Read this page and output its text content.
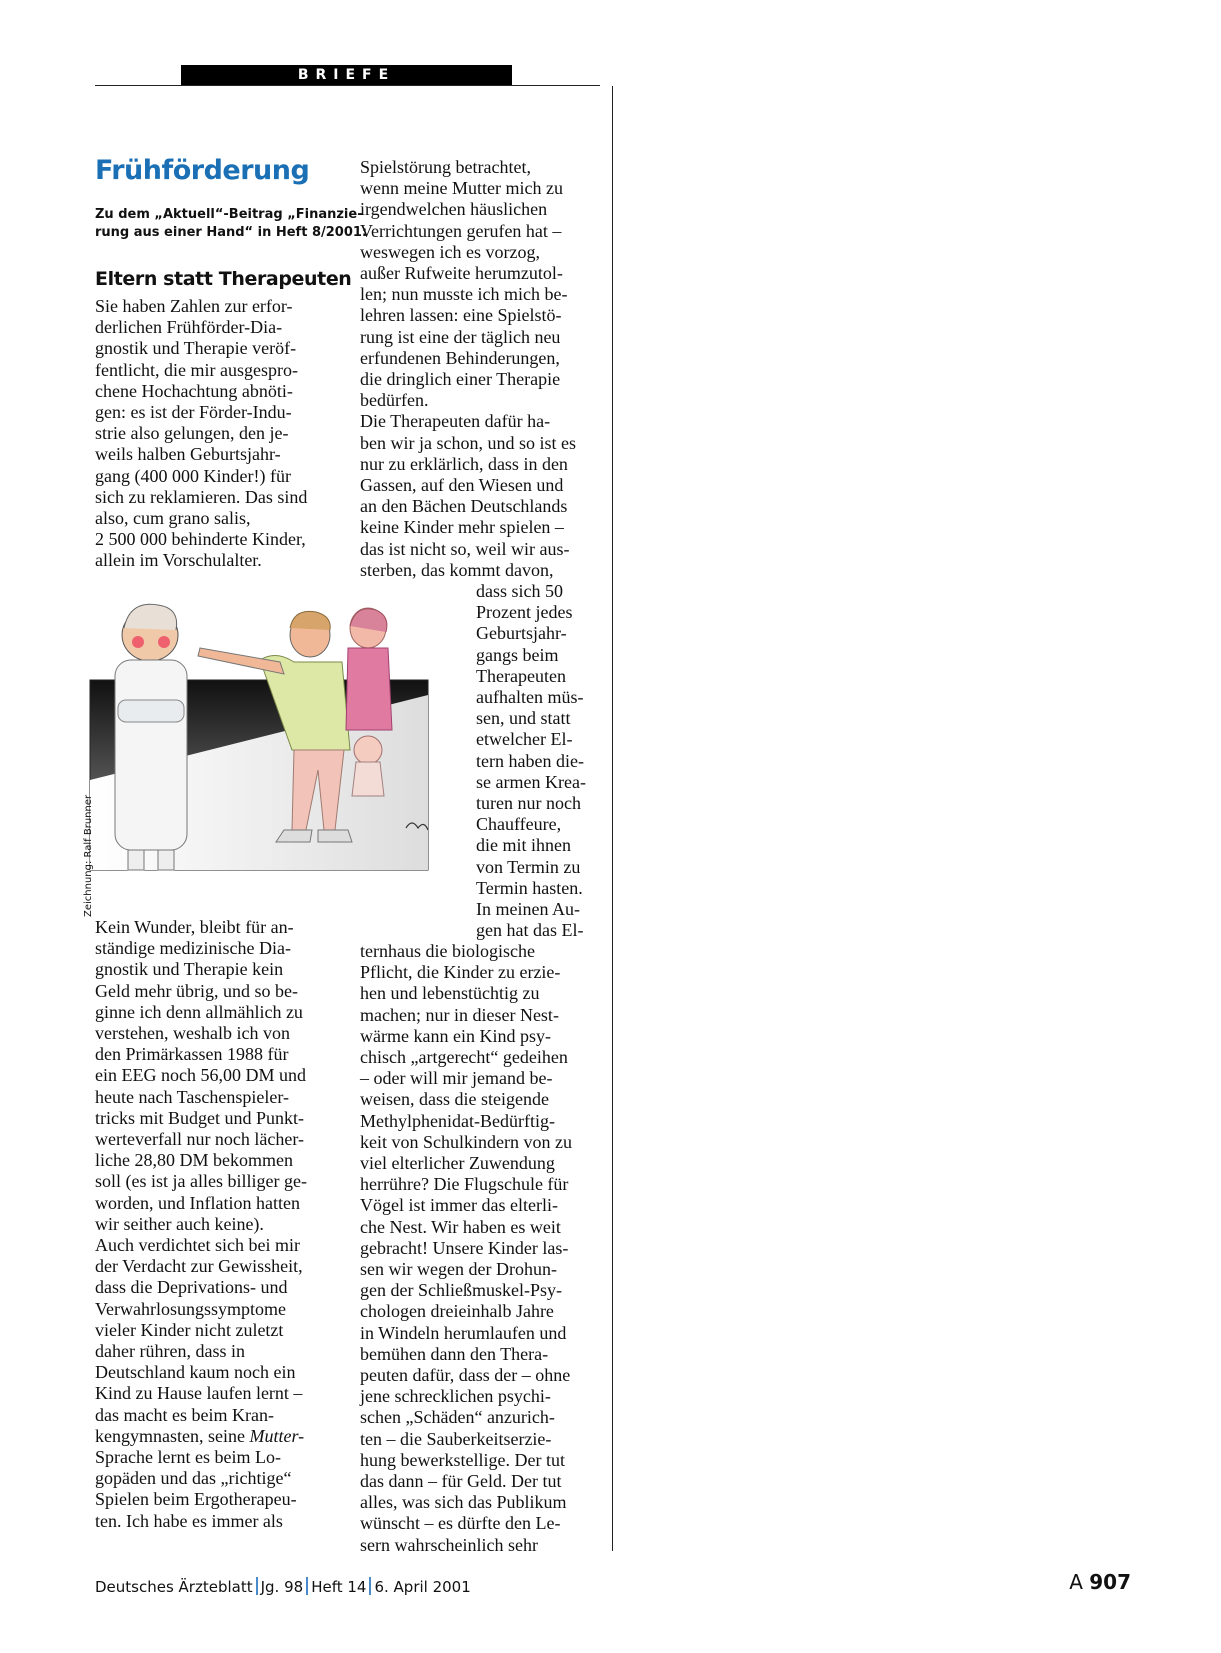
BRIEFE
Frühförderung

Zu dem „Aktuell“-Beitrag „Finanzie-
rung aus einer Hand“ in Heft 8/2001:

Eltern statt Therapeuten
Sie haben Zahlen zur erfor-
derlichen Frühförder-Dia-
gnostik und Therapie veröf-
fentlicht, die mir ausgespro-
chene Hochachtung abnöti-
gen: es ist der Förder-Indu-
strie also gelungen, den je-
weils halben Geburtsjahr-
gang (400 000 Kinder!) für
sich zu reklamieren. Das sind
also, cum grano salis,
2 500 000 behinderte Kinder,
allein im Vorschulalter.
Zeichnung: Ralf Brunner
Kein Wunder, bleibt für an-
ständige medizinische Dia-
gnostik und Therapie kein
Geld mehr übrig, und so be-
ginne ich denn allmählich zu
verstehen, weshalb ich von
den Primärkassen 1988 für
ein EEG noch 56,00 DM und
heute nach Taschenspieler-
tricks mit Budget und Punkt-
werteverfall nur noch lächer-
liche 28,80 DM bekommen
soll (es ist ja alles billiger ge-
worden, und Inflation hatten
wir seither auch keine).
Auch verdichtet sich bei mir
der Verdacht zur Gewissheit,
dass die Deprivations- und
Verwahrlosungssymptome
vieler Kinder nicht zuletzt
daher rühren, dass in
Deutschland kaum noch ein
Kind zu Hause laufen lernt –
das macht es beim Kran-
kengymnasten, seine Mutter-
Sprache lernt es beim Lo-
gopäden und das „richtige“
Spielen beim Ergotherapeu-
ten. Ich habe es immer als
Spielstörung betrachtet,
wenn meine Mutter mich zu
irgendwelchen häuslichen
Verrichtungen gerufen hat –
weswegen ich es vorzog,
außer Rufweite herumzutol-
len; nun musste ich mich be-
lehren lassen: eine Spielstö-
rung ist eine der täglich neu
erfundenen Behinderungen,
die dringlich einer Therapie
bedürfen.
Die Therapeuten dafür ha-
ben wir ja schon, und so ist es
nur zu erklärlich, dass in den
Gassen, auf den Wiesen und
an den Bächen Deutschlands
keine Kinder mehr spielen –
das ist nicht so, weil wir aus-
sterben, das kommt davon,
dass sich 50
Prozent jedes
Geburtsjahr-
gangs beim
Therapeuten
aufhalten müs-
sen, und statt
etwelcher El-
tern haben die-
se armen Krea-
turen nur noch
Chauffeure,
die mit ihnen
von Termin zu
Termin hasten.
In meinen Au-
gen hat das El-
ternhaus die biologische
Pflicht, die Kinder zu erzie-
hen und lebenstüchtig zu
machen; nur in dieser Nest-
wärme kann ein Kind psy-
chisch „artgerecht“ gedeihen
– oder will mir jemand be-
weisen, dass die steigende
Methylphenidat-Bedürftig-
keit von Schulkindern von zu
viel elterlicher Zuwendung
herrühre? Die Flugschule für
Vögel ist immer das elterli-
che Nest. Wir haben es weit
gebracht! Unsere Kinder las-
sen wir wegen der Drohun-
gen der Schließmuskel-Psy-
chologen dreieinhalb Jahre
in Windeln herumlaufen und
bemühen dann den Thera-
peuten dafür, dass der – ohne
jene schrecklichen psychi-
schen „Schäden“ anzurich-
ten – die Sauberkeitserzie-
hung bewerkstellige. Der tut
das dann – für Geld. Der tut
alles, was sich das Publikum
wünscht – es dürfte den Le-
sern wahrscheinlich sehr
Deutsches Ärzteblatt Jg. 98 Heft 14 6. April 2001	A 907
